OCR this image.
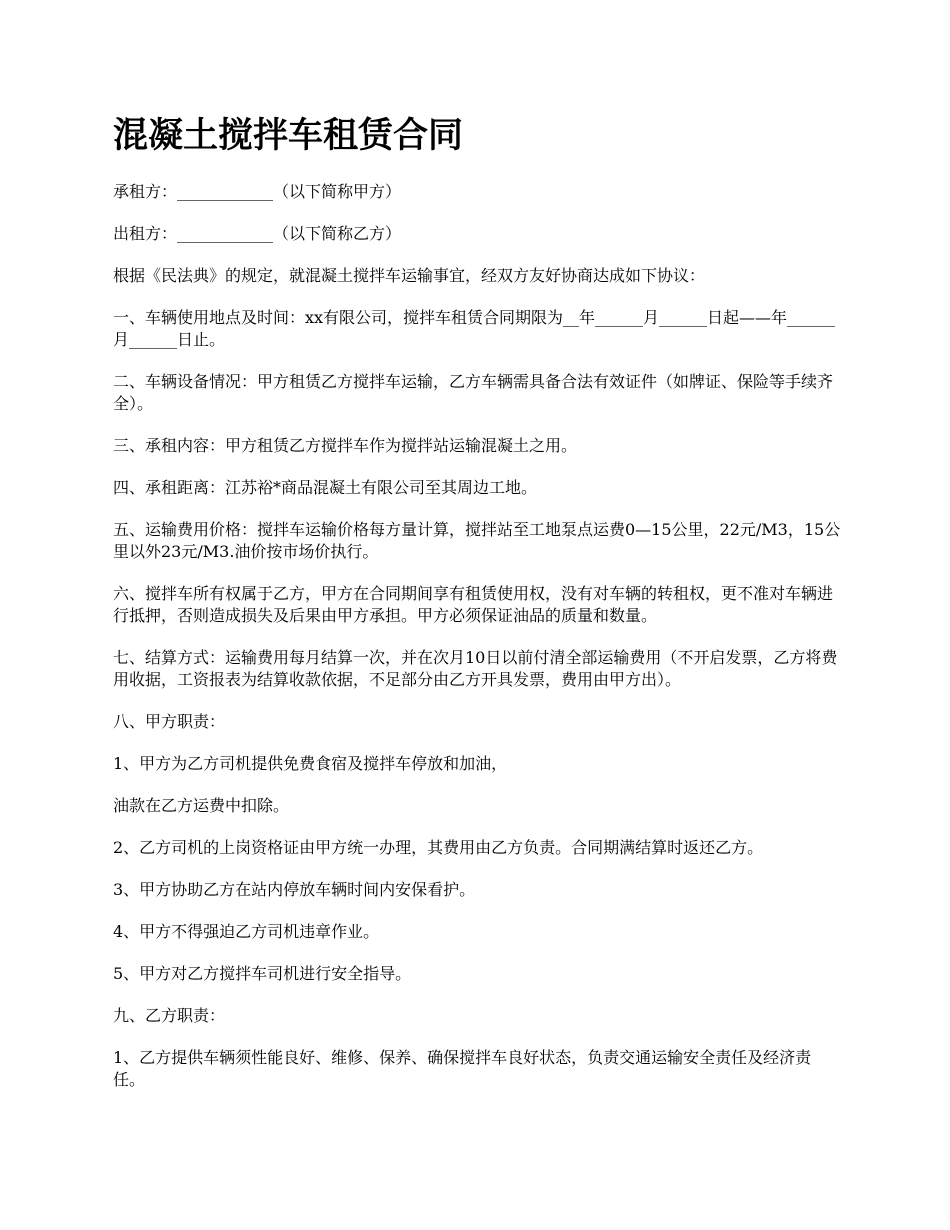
混凝土搅拌车租赁合同

承租方：____________（以下简称甲方）

出租方：____________（以下简称乙方）

根据《民法典》的规定，就混凝土搅拌车运输事宜，经双方友好协商达成如下协议：

一、车辆使用地点及时间：xx有限公司，搅拌车租赁合同期限为__年______月______日起——年______月______日止。

二、车辆设备情况：甲方租赁乙方搅拌车运输，乙方车辆需具备合法有效证件（如牌证、保险等手续齐全）。

三、承租内容：甲方租赁乙方搅拌车作为搅拌站运输混凝土之用。

四、承租距离：江苏裕*商品混凝土有限公司至其周边工地。

五、运输费用价格：搅拌车运输价格每方量计算，搅拌站至工地泵点运费0—15公里，22元/M3，15公里以外23元/M3.油价按市场价执行。

六、搅拌车所有权属于乙方，甲方在合同期间享有租赁使用权，没有对车辆的转租权，更不准对车辆进行抵押，否则造成损失及后果由甲方承担。甲方必须保证油品的质量和数量。

七、结算方式：运输费用每月结算一次，并在次月10日以前付清全部运输费用（不开启发票，乙方将费用收据，工资报表为结算收款依据，不足部分由乙方开具发票，费用由甲方出）。

八、甲方职责：

1、甲方为乙方司机提供免费食宿及搅拌车停放和加油，

油款在乙方运费中扣除。

2、乙方司机的上岗资格证由甲方统一办理，其费用由乙方负责。合同期满结算时返还乙方。

3、甲方协助乙方在站内停放车辆时间内安保看护。

4、甲方不得强迫乙方司机违章作业。

5、甲方对乙方搅拌车司机进行安全指导。

九、乙方职责：

1、乙方提供车辆须性能良好、维修、保养、确保搅拌车良好状态，负责交通运输安全责任及经济责任。
